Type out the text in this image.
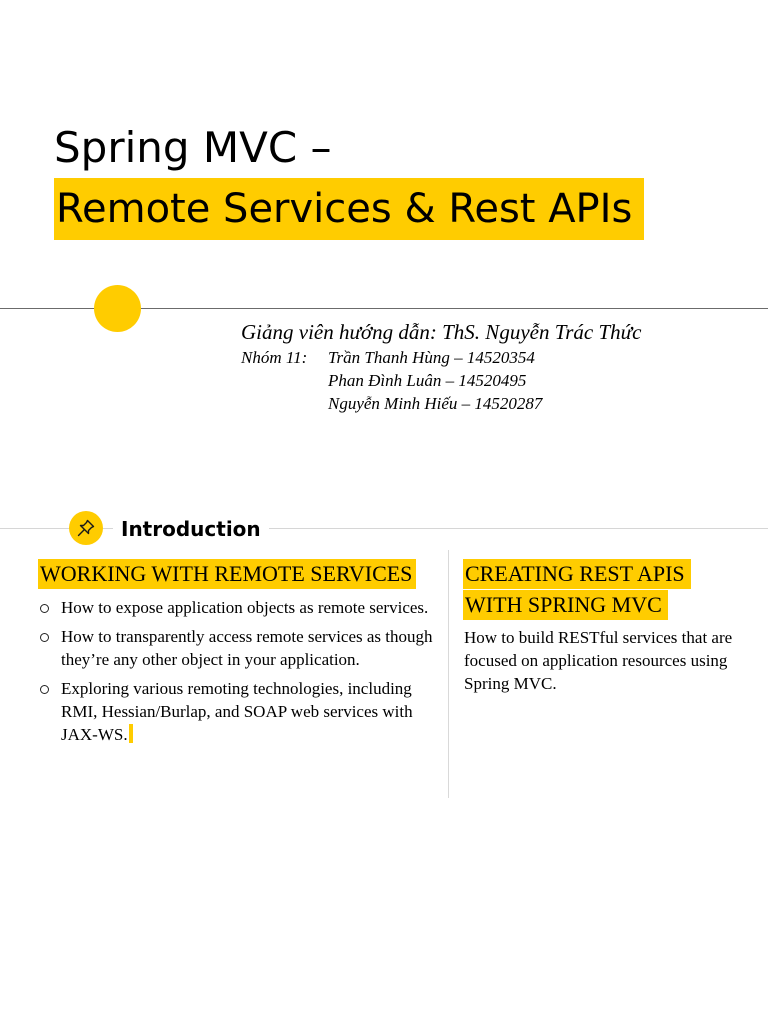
Spring MVC –
Remote Services & Rest APIs
Giảng viên hướng dẫn: ThS. Nguyễn Trác Thức
Nhóm 11:	Trần Thanh Hùng – 14520354
Phan Đình Luân – 14520495
Nguyễn Minh Hiếu – 14520287
Introduction
WORKING WITH REMOTE SERVICES
How to expose application objects as remote services.
How to transparently access remote services as though they’re any other object in your application.
Exploring various remoting technologies, including RMI, Hessian/Burlap, and SOAP web services with JAX-WS.
CREATING REST APIS
WITH SPRING MVC
How to build RESTful services that are focused on application resources using Spring MVC.
